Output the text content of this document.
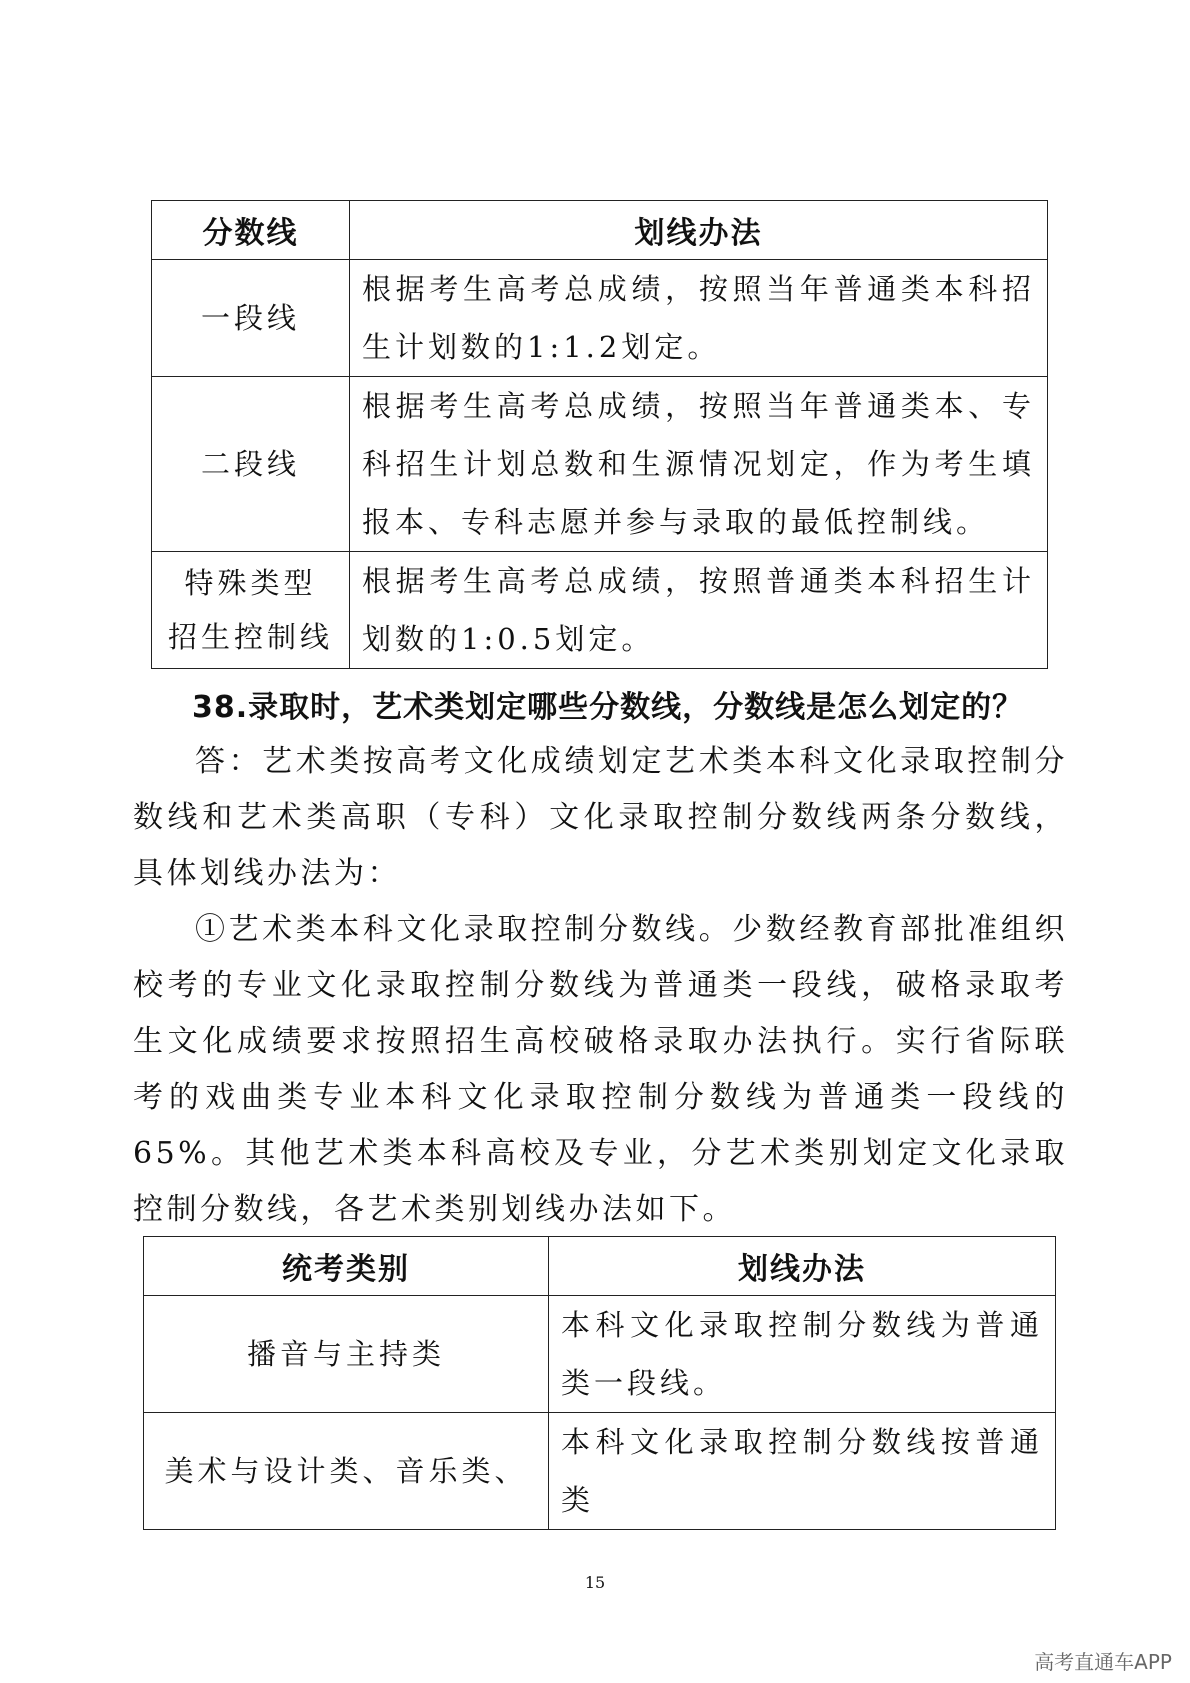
分数线	划线办法
一段线	根据考生高考总成绩，按照当年普通类本科招生计划数的1:1.2划定。
二段线	根据考生高考总成绩，按照当年普通类本、专科招生计划总数和生源情况划定，作为考生填报本、专科志愿并参与录取的最低控制线。
特殊类型
招生控制线	根据考生高考总成绩，按照普通类本科招生计划数的1:0.5划定。
38.录取时，艺术类划定哪些分数线，分数线是怎么划定的？
答：艺术类按高考文化成绩划定艺术类本科文化录取控制分数线和艺术类高职（专科）文化录取控制分数线两条分数线，具体划线办法为：
①艺术类本科文化录取控制分数线。少数经教育部批准组织校考的专业文化录取控制分数线为普通类一段线，破格录取考生文化成绩要求按照招生高校破格录取办法执行。实行省际联考的戏曲类专业本科文化录取控制分数线为普通类一段线的65%。其他艺术类本科高校及专业，分艺术类别划定文化录取控制分数线，各艺术类别划线办法如下。
统考类别	划线办法
播音与主持类	本科文化录取控制分数线为普通类一段线。
美术与设计类、音乐类、	本科文化录取控制分数线按普通类
15
高考直通车APP
